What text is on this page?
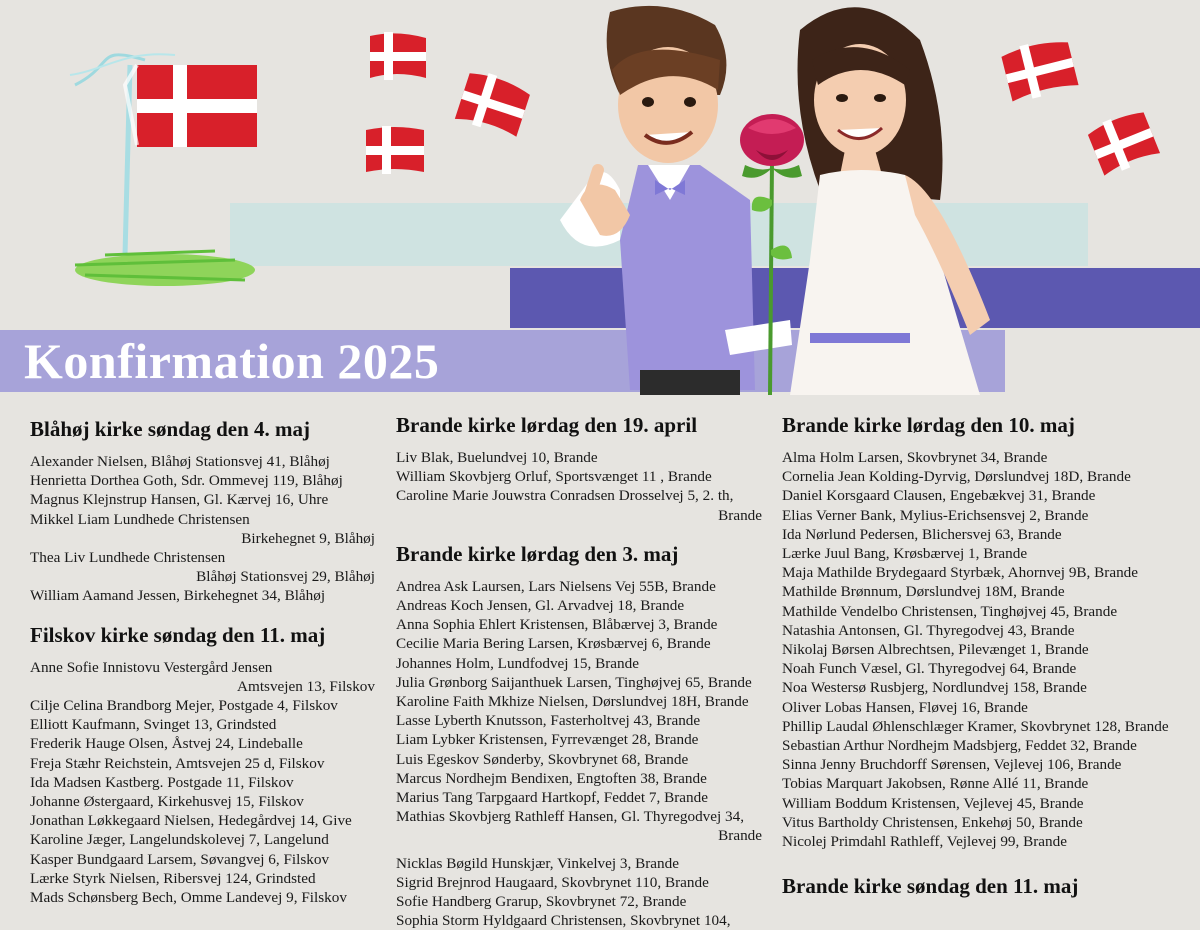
Konfirmation 2025
Blåhøj kirke søndag den 4. maj
Alexander Nielsen, Blåhøj Stationsvej 41, Blåhøj
Henrietta Dorthea Goth, Sdr. Ommevej 119, Blåhøj
Magnus Klejnstrup Hansen, Gl. Kærvej 16, Uhre
Mikkel Liam Lundhede Christensen
Birkehegnet 9, Blåhøj
Thea Liv Lundhede Christensen
Blåhøj Stationsvej 29, Blåhøj
William Aamand Jessen, Birkehegnet 34, Blåhøj
Filskov kirke søndag den 11. maj
Anne Sofie Innistovu Vestergård Jensen
Amtsvejen 13, Filskov
Cilje Celina Brandborg Mejer, Postgade 4, Filskov
Elliott Kaufmann, Svinget 13, Grindsted
Frederik Hauge Olsen, Åstvej 24, Lindeballe
Freja Stæhr Reichstein, Amtsvejen 25 d, Filskov
Ida Madsen Kastberg. Postgade 11, Filskov
Johanne Østergaard, Kirkehusvej 15, Filskov
Jonathan Løkkegaard Nielsen, Hedegårdvej 14, Give
Karoline Jæger, Langelundskolevej 7, Langelund
Kasper Bundgaard Larsem, Søvangvej 6, Filskov
Lærke Styrk Nielsen, Ribersvej 124, Grindsted
Mads Schønsberg Bech, Omme Landevej 9, Filskov
Brande kirke lørdag den 19. april
Liv Blak, Buelundvej 10, Brande
William Skovbjerg Orluf, Sportsvænget 11 , Brande
Caroline Marie Jouwstra Conradsen Drosselvej 5, 2. th,
Brande
Brande kirke lørdag den 3. maj
Andrea Ask Laursen, Lars Nielsens Vej 55B, Brande
Andreas Koch Jensen, Gl. Arvadvej 18, Brande
Anna Sophia Ehlert Kristensen, Blåbærvej 3, Brande
Cecilie Maria Bering Larsen, Krøsbærvej 6, Brande
Johannes Holm, Lundfodvej 15, Brande
Julia Grønborg Saijanthuek Larsen, Tinghøjvej 65, Brande
Karoline Faith Mkhize Nielsen, Dørslundvej 18H, Brande
Lasse Lyberth Knutsson, Fasterholtvej 43, Brande
Liam Lybker Kristensen, Fyrrevænget 28, Brande
Luis Egeskov Sønderby, Skovbrynet 68, Brande
Marcus Nordhejm Bendixen, Engtoften 38, Brande
Marius Tang Tarpgaard Hartkopf, Feddet 7, Brande
Mathias Skovbjerg Rathleff Hansen, Gl. Thyregodvej 34,
Brande
Nicklas Bøgild Hunskjær, Vinkelvej 3, Brande
Sigrid Brejnrod Haugaard, Skovbrynet 110, Brande
Sofie Handberg Grarup, Skovbrynet 72, Brande
Sophia Storm Hyldgaard Christensen, Skovbrynet 104,
Brande kirke lørdag den 10. maj
Alma Holm Larsen, Skovbrynet 34, Brande
Cornelia Jean Kolding-Dyrvig, Dørslundvej 18D, Brande
Daniel Korsgaard Clausen, Engebækvej 31, Brande
Elias Verner Bank, Mylius-Erichsensvej 2, Brande
Ida Nørlund Pedersen, Blichersvej 63, Brande
Lærke Juul Bang, Krøsbærvej 1, Brande
Maja Mathilde Brydegaard Styrbæk, Ahornvej 9B, Brande
Mathilde Brønnum, Dørslundvej 18M, Brande
Mathilde Vendelbo Christensen, Tinghøjvej 45, Brande
Natashia Antonsen, Gl. Thyregodvej 43, Brande
Nikolaj Børsen Albrechtsen, Pilevænget 1, Brande
Noah Funch Væsel, Gl. Thyregodvej 64, Brande
Noa Westersø Rusbjerg, Nordlundvej 158, Brande
Oliver Lobas Hansen, Fløvej 16, Brande
Phillip Laudal Øhlenschlæger Kramer, Skovbrynet 128, Brande
Sebastian Arthur Nordhejm Madsbjerg, Feddet 32, Brande
Sinna Jenny Bruchdorff Sørensen, Vejlevej 106, Brande
Tobias Marquart Jakobsen, Rønne Allé 11, Brande
William Boddum Kristensen, Vejlevej 45, Brande
Vitus Bartholdy Christensen, Enkehøj 50, Brande
Nicolej Primdahl Rathleff, Vejlevej 99, Brande
Brande kirke søndag den 11. maj
